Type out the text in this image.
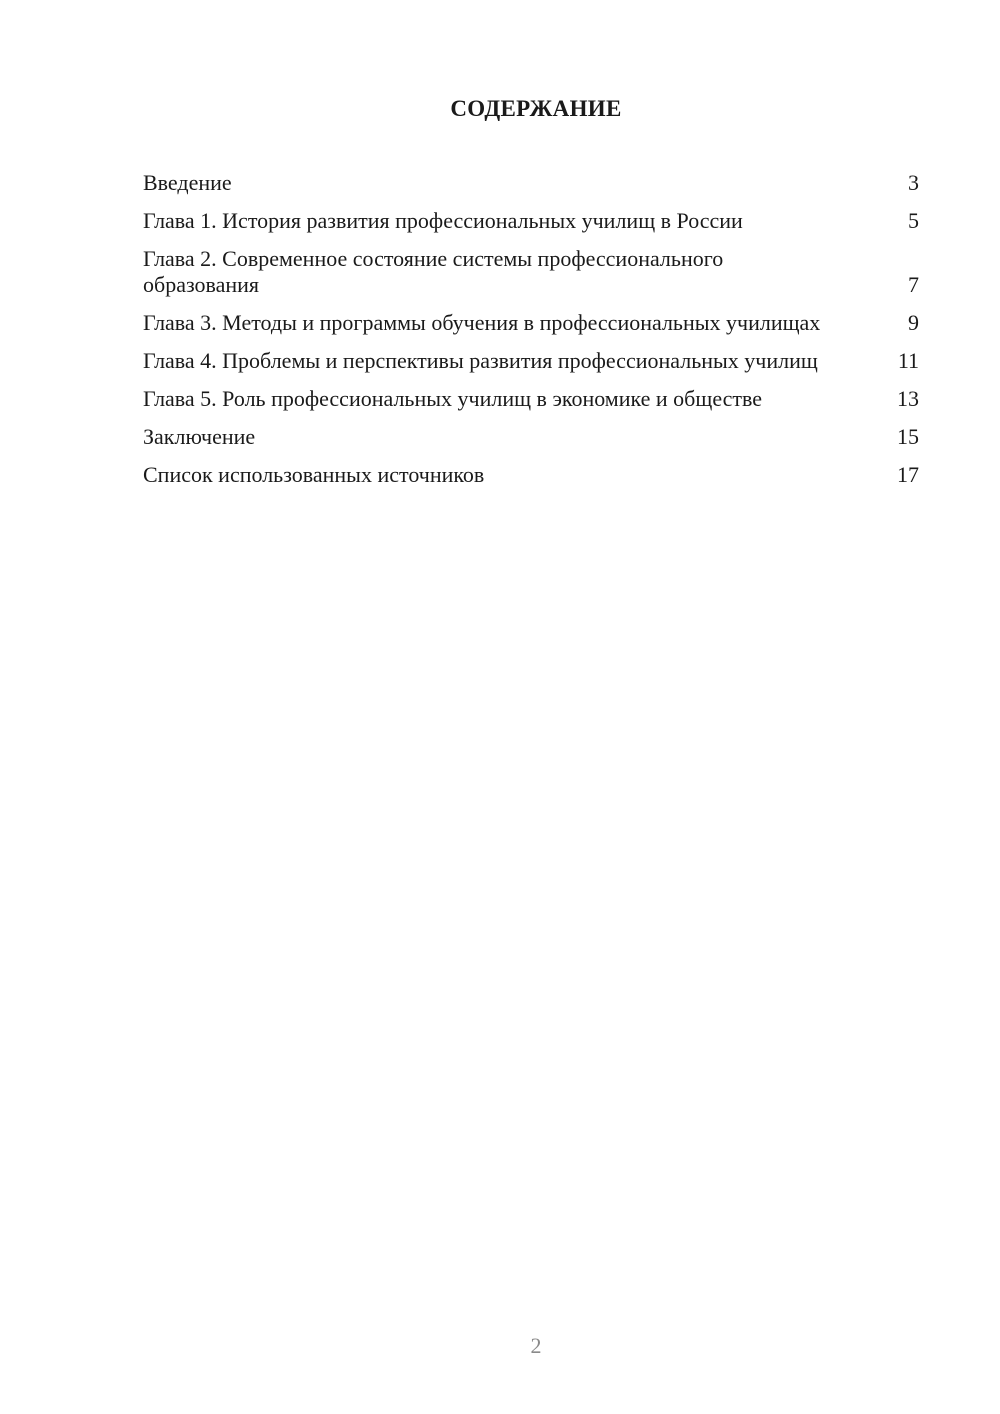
СОДЕРЖАНИЕ
Введение	3
Глава 1. История развития профессиональных училищ в России	5
Глава 2. Современное состояние системы профессионального образования	7
Глава 3. Методы и программы обучения в профессиональных училищах	9
Глава 4. Проблемы и перспективы развития профессиональных училищ	11
Глава 5. Роль профессиональных училищ в экономике и обществе	13
Заключение	15
Список использованных источников	17
2
